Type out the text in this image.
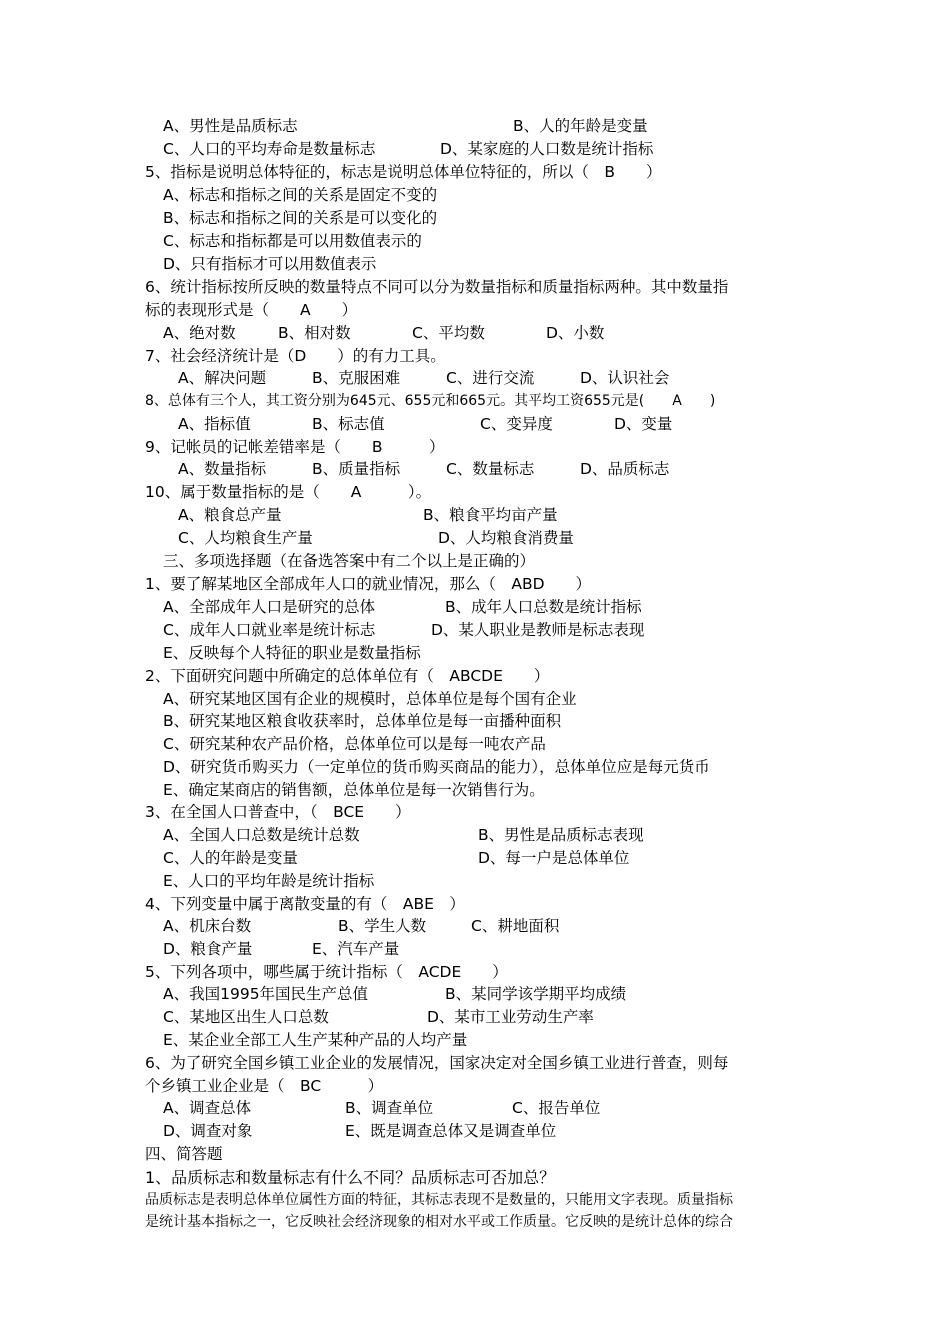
A、男性是品质标志	B、人的年龄是变量
C、人口的平均寿命是数量标志	D、某家庭的人口数是统计指标
5、指标是说明总体特征的，标志是说明总体单位特征的，所以（　B　　）
A、标志和指标之间的关系是固定不变的
B、标志和指标之间的关系是可以变化的
C、标志和指标都是可以用数值表示的
D、只有指标才可以用数值表示
6、统计指标按所反映的数量特点不同可以分为数量指标和质量指标两种。其中数量指
标的表现形式是（　　A　　）
A、绝对数	B、相对数	C、平均数	D、小数
7、社会经济统计是（D　　）的有力工具。
A、解决问题	B、克服困难	C、进行交流	D、认识社会
8、总体有三个人，其工资分别为645元、655元和665元。其平均工资655元是(　　A　　)
A、指标值	B、标志值	C、变异度	D、变量
9、记帐员的记帐差错率是（　　B　　　）
A、数量指标	B、质量指标	C、数量标志	D、品质标志
10、属于数量指标的是（　　A　　　）。
A、粮食总产量	B、粮食平均亩产量
C、人均粮食生产量	D、人均粮食消费量
三、多项选择题（在备选答案中有二个以上是正确的）
1、要了解某地区全部成年人口的就业情况，那么（　ABD　　）
A、全部成年人口是研究的总体	B、成年人口总数是统计指标
C、成年人口就业率是统计标志	D、某人职业是教师是标志表现
E、反映每个人特征的职业是数量指标
2、下面研究问题中所确定的总体单位有（　ABCDE　　）
A、研究某地区国有企业的规模时，总体单位是每个国有企业
B、研究某地区粮食收获率时，总体单位是每一亩播种面积
C、研究某种农产品价格，总体单位可以是每一吨农产品
D、研究货币购买力（一定单位的货币购买商品的能力），总体单位应是每元货币
E、确定某商店的销售额，总体单位是每一次销售行为。
3、在全国人口普查中，（　BCE　　）
A、全国人口总数是统计总数	B、男性是品质标志表现
C、人的年龄是变量	D、每一户是总体单位
E、人口的平均年龄是统计指标
4、下列变量中属于离散变量的有（　ABE　）
A、机床台数	B、学生人数	C、耕地面积
D、粮食产量	E、汽车产量
5、下列各项中，哪些属于统计指标（　ACDE　　）
A、我国1995年国民生产总值	B、某同学该学期平均成绩
C、某地区出生人口总数	D、某市工业劳动生产率
E、某企业全部工人生产某种产品的人均产量
6、为了研究全国乡镇工业企业的发展情况，国家决定对全国乡镇工业进行普查，则每
个乡镇工业企业是（　BC　　　）
A、调查总体	B、调查单位	C、报告单位
D、调查对象	E、既是调查总体又是调查单位
四、简答题
1、品质标志和数量标志有什么不同？品质标志可否加总？
品质标志是表明总体单位属性方面的特征，其标志表现不是数量的，只能用文字表现。质量指标
是统计基本指标之一，它反映社会经济现象的相对水平或工作质量。它反映的是统计总体的综合
